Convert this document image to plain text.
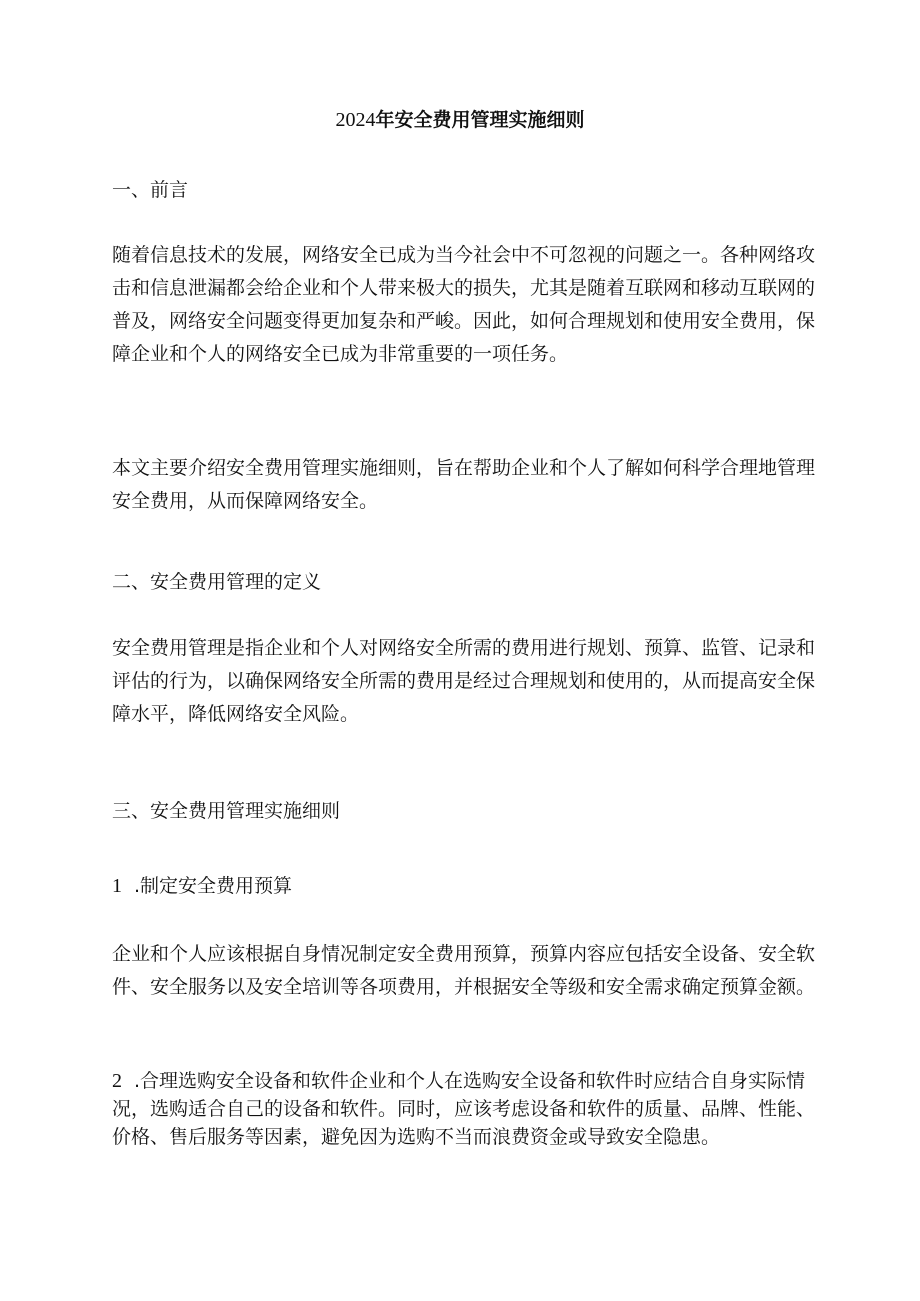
2024年安全费用管理实施细则

一、前言

随着信息技术的发展，网络安全已成为当今社会中不可忽视的问题之一。各种网络攻击和信息泄漏都会给企业和个人带来极大的损失，尤其是随着互联网和移动互联网的普及，网络安全问题变得更加复杂和严峻。因此，如何合理规划和使用安全费用，保障企业和个人的网络安全已成为非常重要的一项任务。

本文主要介绍安全费用管理实施细则，旨在帮助企业和个人了解如何科学合理地管理安全费用，从而保障网络安全。

二、安全费用管理的定义

安全费用管理是指企业和个人对网络安全所需的费用进行规划、预算、监管、记录和评估的行为，以确保网络安全所需的费用是经过合理规划和使用的，从而提高安全保障水平，降低网络安全风险。

三、安全费用管理实施细则

1 .制定安全费用预算

企业和个人应该根据自身情况制定安全费用预算，预算内容应包括安全设备、安全软件、安全服务以及安全培训等各项费用，并根据安全等级和安全需求确定预算金额。

2 .合理选购安全设备和软件企业和个人在选购安全设备和软件时应结合自身实际情况，选购适合自己的设备和软件。同时，应该考虑设备和软件的质量、品牌、性能、价格、售后服务等因素，避免因为选购不当而浪费资金或导致安全隐患。
